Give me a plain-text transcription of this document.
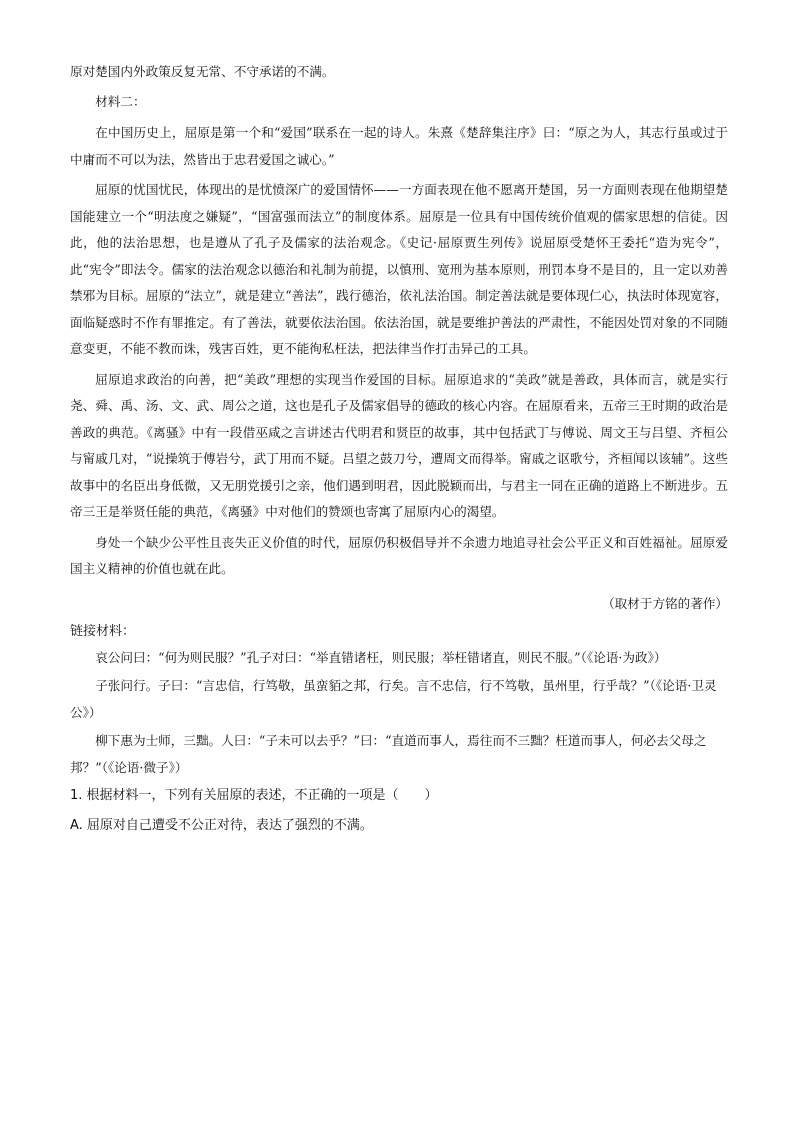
原对楚国内外政策反复无常、不守承诺的不满。

材料二：

在中国历史上，屈原是第一个和“爱国”联系在一起的诗人。朱熹《楚辞集注序》曰：“原之为人，其志行虽或过于中庸而不可以为法，然皆出于忠君爱国之诚心。”

屈原的忧国忧民，体现出的是忧愤深广的爱国情怀——一方面表现在他不愿离开楚国，另一方面则表现在他期望楚国能建立一个“明法度之嫌疑”，“国富强而法立”的制度体系。屈原是一位具有中国传统价值观的儒家思想的信徒。因此，他的法治思想，也是遵从了孔子及儒家的法治观念。《史记·屈原贾生列传》说屈原受楚怀王委托“造为宪令”，此“宪令”即法令。儒家的法治观念以德治和礼制为前提，以慎刑、宽刑为基本原则，刑罚本身不是目的，且一定以劝善禁邪为目标。屈原的“法立”，就是建立“善法”，践行德治，依礼法治国。制定善法就是要体现仁心，执法时体现宽容，面临疑惑时不作有罪推定。有了善法，就要依法治国。依法治国，就是要维护善法的严肃性，不能因处罚对象的不同随意变更，不能不教而诛，残害百姓，更不能徇私枉法，把法律当作打击异己的工具。

屈原追求政治的向善，把“美政”理想的实现当作爱国的目标。屈原追求的“美政”就是善政，具体而言，就是实行尧、舜、禹、汤、文、武、周公之道，这也是孔子及儒家倡导的德政的核心内容。在屈原看来，五帝三王时期的政治是善政的典范。《离骚》中有一段借巫咸之言讲述古代明君和贤臣的故事，其中包括武丁与傅说、周文王与吕望、齐桓公与甯戚几对，“说操筑于傅岩兮，武丁用而不疑。吕望之鼓刀兮，遭周文而得举。甯戚之讴歌兮，齐桓闻以该辅”。这些故事中的名臣出身低微，又无朋党援引之亲，他们遇到明君，因此脱颖而出，与君主一同在正确的道路上不断进步。五帝三王是举贤任能的典范，《离骚》中对他们的赞颂也寄寓了屈原内心的渴望。

身处一个缺少公平性且丧失正义价值的时代，屈原仍积极倡导并不余遗力地追寻社会公平正义和百姓福祉。屈原爱国主义精神的价值也就在此。

（取材于方铭的著作）

链接材料：

哀公问曰：“何为则民服？”孔子对曰：“举直错诸枉，则民服；举枉错诸直，则民不服。”（《论语·为政》）

子张问行。子曰：“言忠信，行笃敬，虽蛮貊之邦，行矣。言不忠信，行不笃敬，虽州里，行乎哉？”（《论语·卫灵公》）

柳下惠为士师，三黜。人曰：“子未可以去乎？”曰：“直道而事人，焉往而不三黜？枉道而事人，何必去父母之邦？”（《论语·微子》）

1. 根据材料一，下列有关屈原的表述，不正确的一项是（　　）

A. 屈原对自己遭受不公正对待，表达了强烈的不满。
